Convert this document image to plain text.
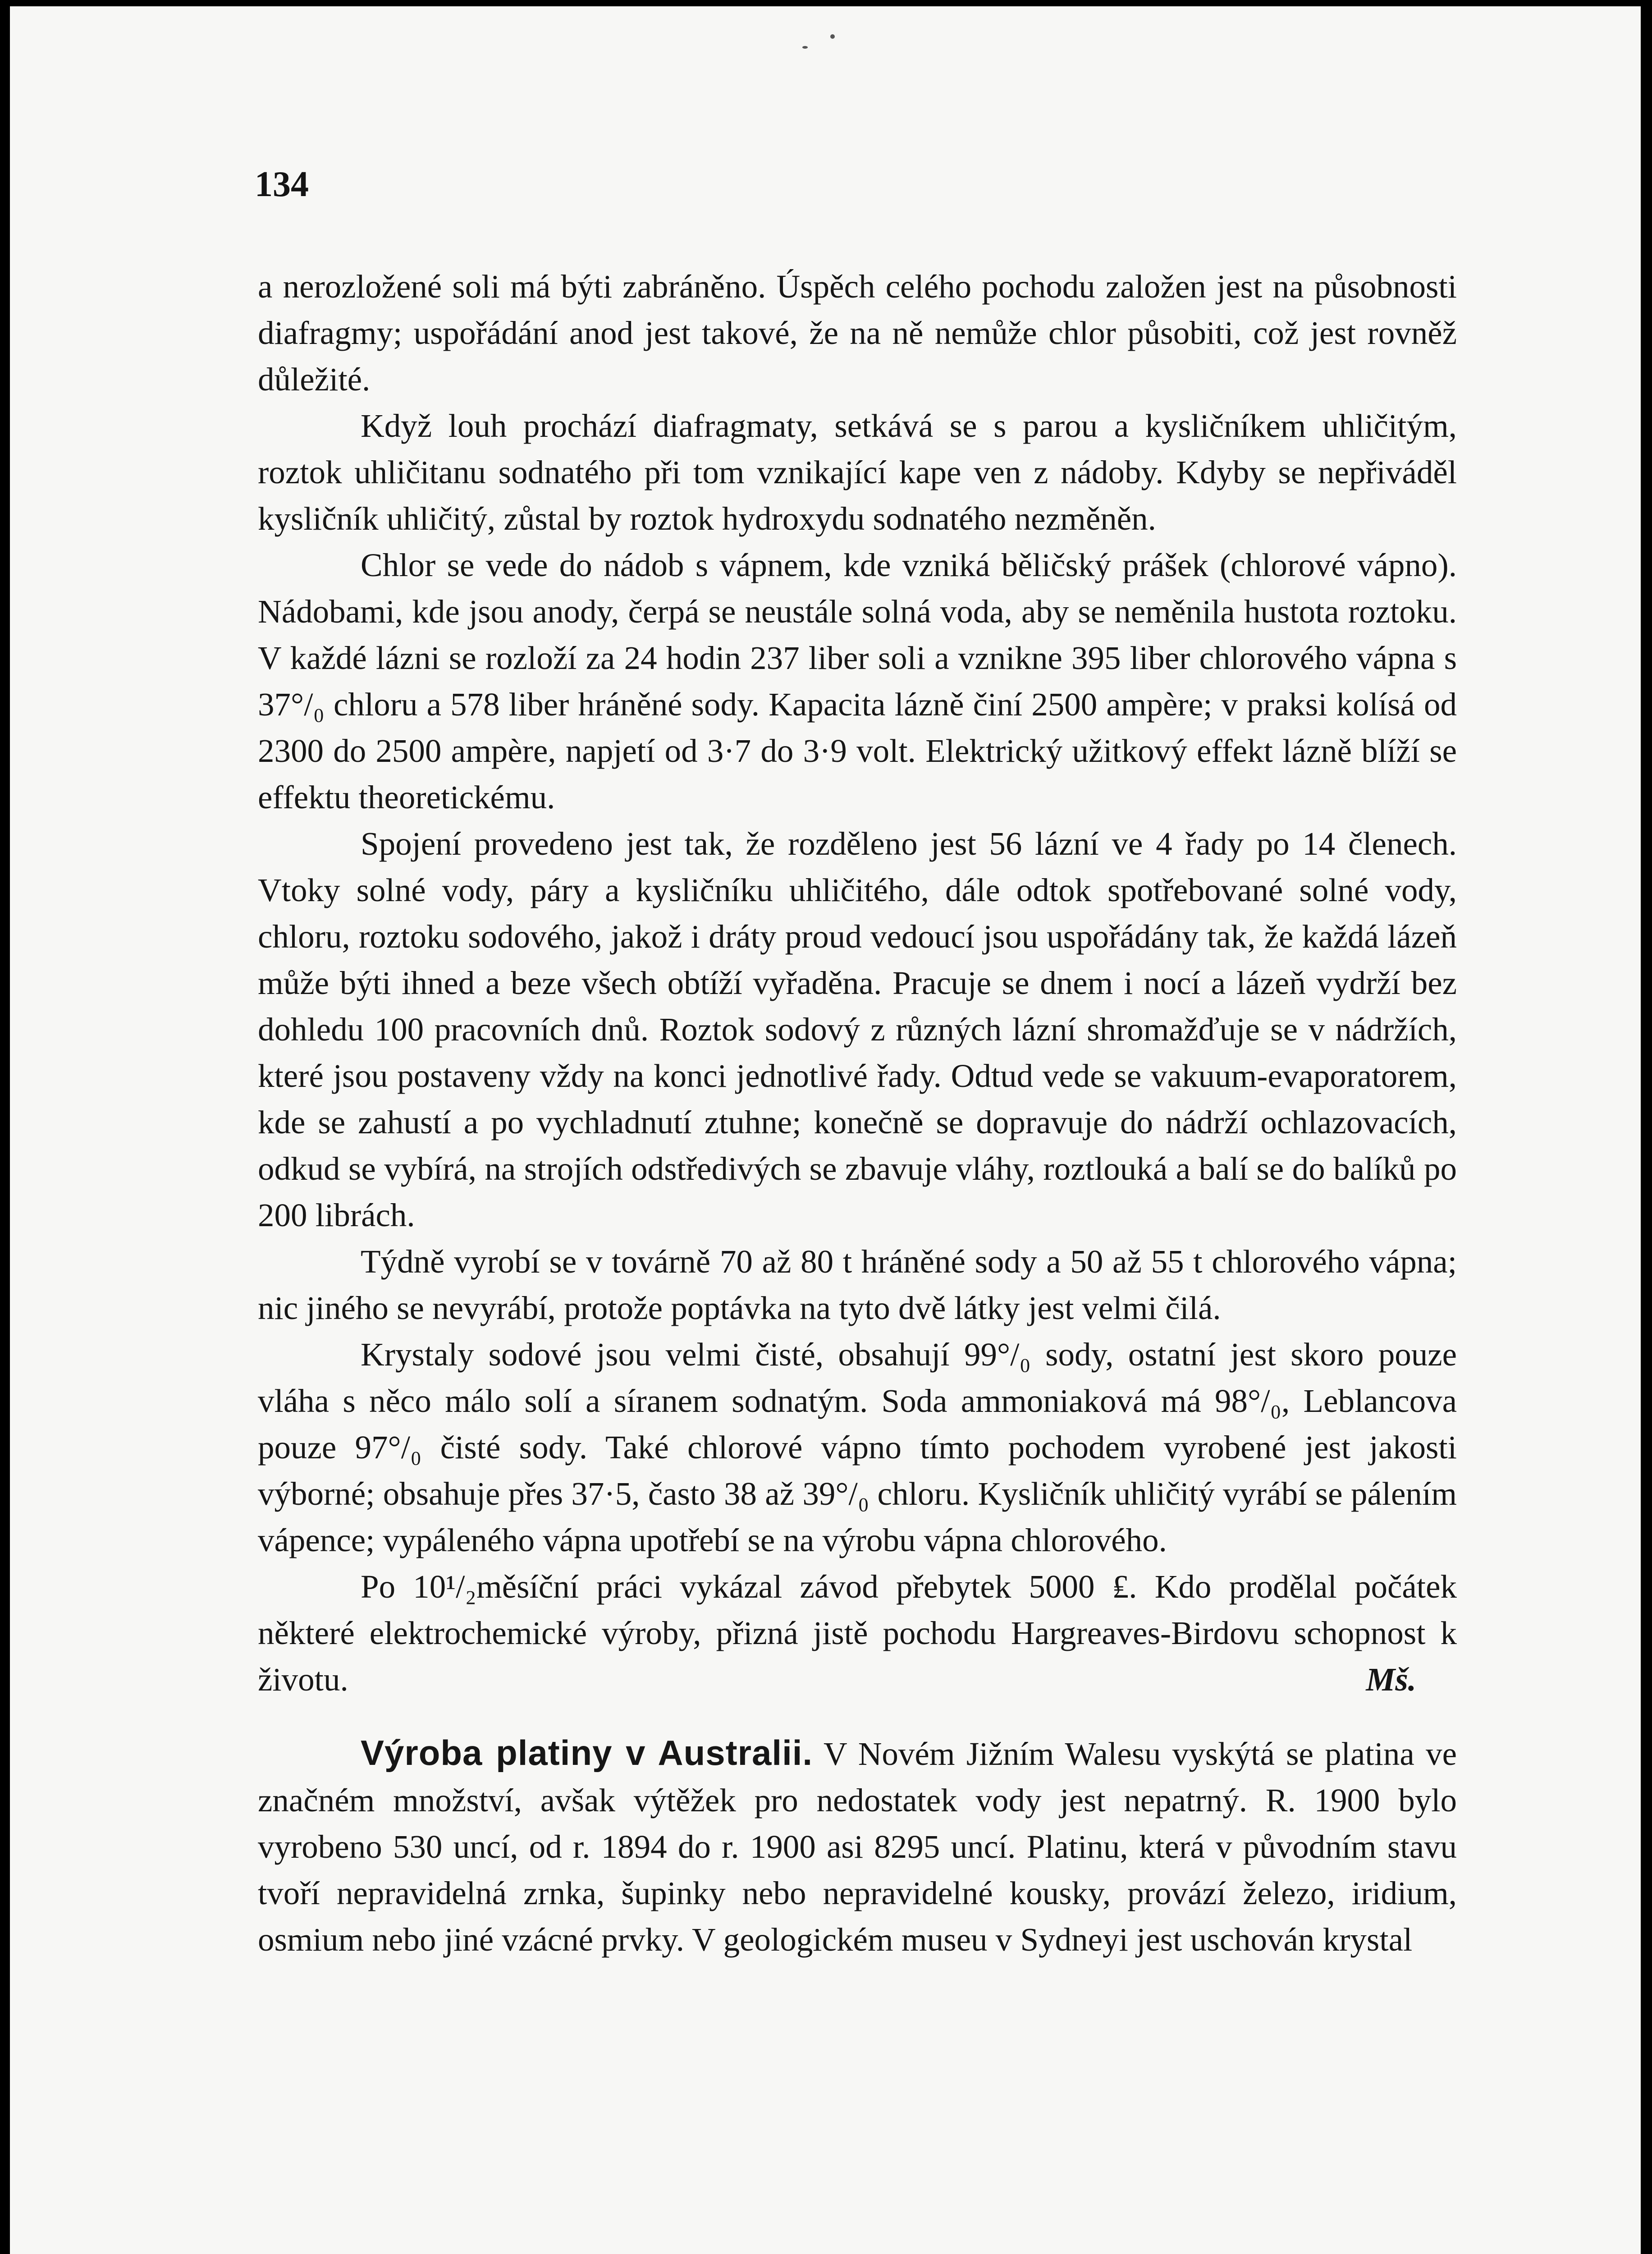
134

a nerozložené soli má býti zabráněno. Úspěch celého pochodu založen jest na působnosti diafragmy; uspořádání anod jest takové, že na ně nemůže chlor působiti, což jest rovněž důležité.

Když louh prochází diafragmaty, setkává se s parou a kysličníkem uhličitým, roztok uhličitanu sodnatého při tom vznikající kape ven z nádoby. Kdyby se nepřiváděl kysličník uhličitý, zůstal by roztok hydroxydu sodnatého nezměněn.

Chlor se vede do nádob s vápnem, kde vzniká běličský prášek (chlorové vápno). Nádobami, kde jsou anody, čerpá se neustále solná voda, aby se neměnila hustota roztoku. V každé lázni se rozloží za 24 hodin 237 liber soli a vznikne 395 liber chlorového vápna s 37°/₀ chloru a 578 liber hráněné sody. Kapacita lázně činí 2500 ampère; v praksi kolísá od 2300 do 2500 ampère, napjetí od 3·7 do 3·9 volt. Elektrický užitkový effekt lázně blíží se effektu theoretickému.

Spojení provedeno jest tak, že rozděleno jest 56 lázní ve 4 řady po 14 členech. Vtoky solné vody, páry a kysličníku uhličitého, dále odtok spotřebované solné vody, chloru, roztoku sodového, jakož i dráty proud vedoucí jsou uspořádány tak, že každá lázeň může býti ihned a beze všech obtíží vyřaděna. Pracuje se dnem i nocí a lázeň vydrží bez dohledu 100 pracovních dnů. Roztok sodový z různých lázní shromažďuje se v nádržích, které jsou postaveny vždy na konci jednotlivé řady. Odtud vede se vakuum-evaporatorem, kde se zahustí a po vychladnutí ztuhne; konečně se dopravuje do nádrží ochlazovacích, odkud se vybírá, na strojích odstředivých se zbavuje vláhy, roztlouká a balí se do balíků po 200 librách.

Týdně vyrobí se v továrně 70 až 80 t hráněné sody a 50 až 55 t chlorového vápna; nic jiného se nevyrábí, protože poptávka na tyto dvě látky jest velmi čilá.

Krystaly sodové jsou velmi čisté, obsahují 99°/₀ sody, ostatní jest skoro pouze vláha s něco málo solí a síranem sodnatým. Soda ammoniaková má 98°/₀, Leblancova pouze 97°/₀ čisté sody. Také chlorové vápno tímto pochodem vyrobené jest jakosti výborné; obsahuje přes 37·5, často 38 až 39°/₀ chloru. Kysličník uhličitý vyrábí se pálením vápence; vypáleného vápna upotřebí se na výrobu vápna chlorového.

Po 10¹/₂měsíční práci vykázal závod přebytek 5000 ₤. Kdo prodělal počátek některé elektrochemické výroby, přizná jistě pochodu Hargreaves-Birdovu schopnost k životu.	Mš.

Výroba platiny v Australii. V Novém Jižním Walesu vyskýtá se platina ve značném množství, avšak výtěžek pro nedostatek vody jest nepatrný. R. 1900 bylo vyrobeno 530 uncí, od r. 1894 do r. 1900 asi 8295 uncí. Platinu, která v původním stavu tvoří nepravidelná zrnka, šupinky nebo nepravidelné kousky, provází železo, iridium, osmium nebo jiné vzácné prvky. V geologickém museu v Sydneyi jest uschován krystal
